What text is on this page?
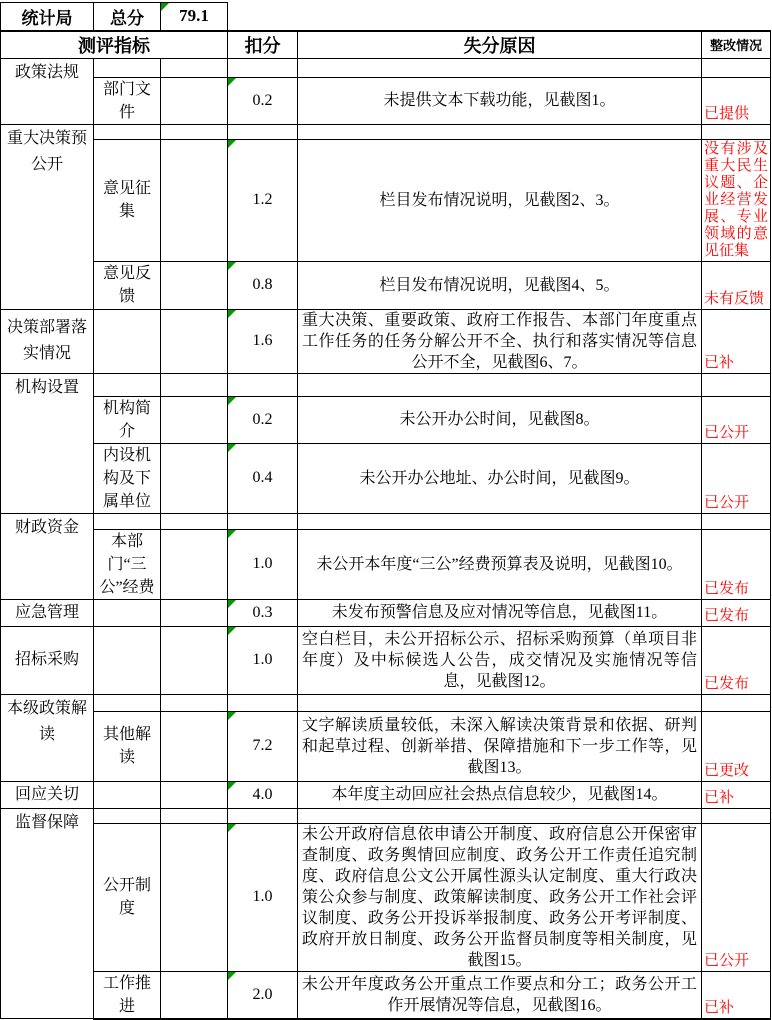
统计局	总分	79.1			
测评指标			扣分	失分原因	整改情况
政策法规					
	部门文件		0.2	未提供文本下载功能，见截图1。	已提供
重大决策预公开					
	意见征集		1.2	栏目发布情况说明，见截图2、3。	没有涉及重大民生议题、企业经营发展、专业领域的意见征集
	意见反馈		0.8	栏目发布情况说明，见截图4、5。	未有反馈
决策部署落实情况			1.6	重大决策、重要政策、政府工作报告、本部门年度重点工作任务的任务分解公开不全、执行和落实情况等信息公开不全，见截图6、7。	已补
机构设置					
	机构简介		0.2	未公开办公时间，见截图8。	已公开
	内设机构及下属单位		0.4	未公开办公地址、办公时间，见截图9。	已公开
财政资金					
	本部门“三公”经费		1.0	未公开本年度“三公”经费预算表及说明，见截图10。	已发布
应急管理			0.3	未发布预警信息及应对情况等信息，见截图11。	已发布
招标采购			1.0	空白栏目，未公开招标公示、招标采购预算（单项目非年度）及中标候选人公告，成交情况及实施情况等信息，见截图12。	已发布
本级政策解读					
	其他解读		7.2	文字解读质量较低，未深入解读决策背景和依据、研判和起草过程、创新举措、保障措施和下一步工作等，见截图13。	已更改
回应关切			4.0	本年度主动回应社会热点信息较少，见截图14。	已补
监督保障					
	公开制度		1.0	未公开政府信息依申请公开制度、政府信息公开保密审查制度、政务舆情回应制度、政务公开工作责任追究制度、政府信息公文公开属性源头认定制度、重大行政决策公众参与制度、政策解读制度、政务公开工作社会评议制度、政务公开投诉举报制度、政务公开考评制度、政府开放日制度、政务公开监督员制度等相关制度，见截图15。	已公开
	工作推进		2.0	未公开年度政务公开重点工作要点和分工；政务公开工作开展情况等信息，见截图16。	已补
